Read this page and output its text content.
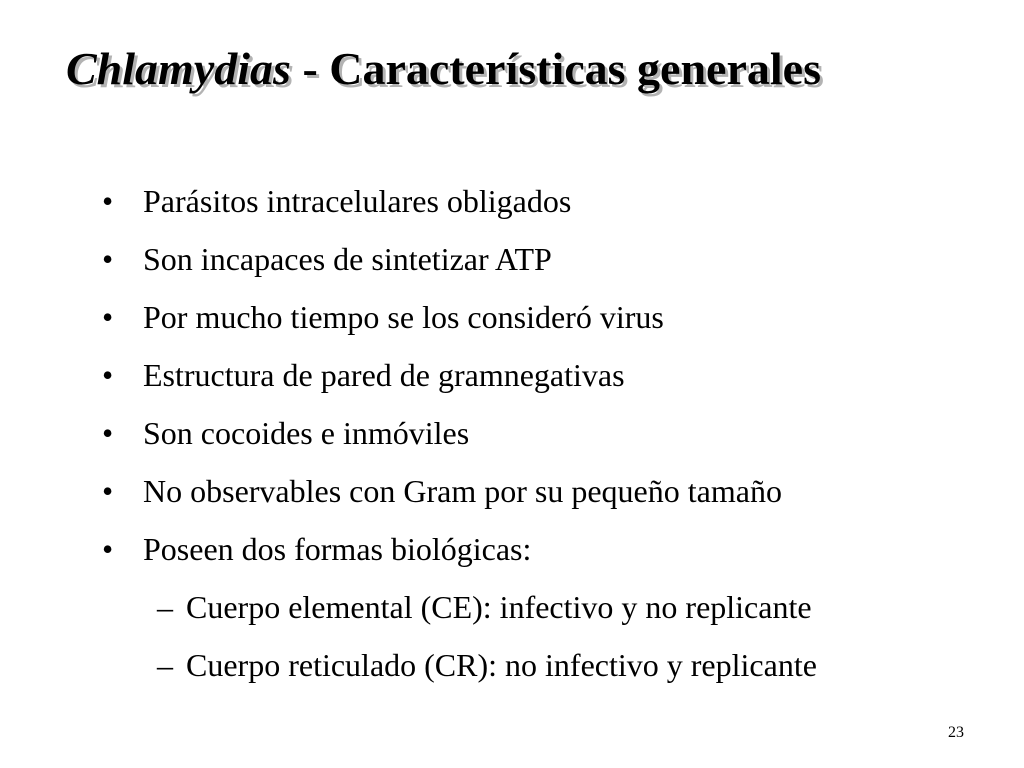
Chlamydias - Características generales
• Parásitos intracelulares obligados
• Son incapaces de sintetizar ATP
• Por mucho tiempo se los consideró virus
• Estructura de pared de gramnegativas
• Son cocoides e inmóviles
• No observables con Gram por su pequeño tamaño
• Poseen dos formas biológicas:
– Cuerpo elemental (CE): infectivo y no replicante
– Cuerpo reticulado (CR): no infectivo y replicante
23
